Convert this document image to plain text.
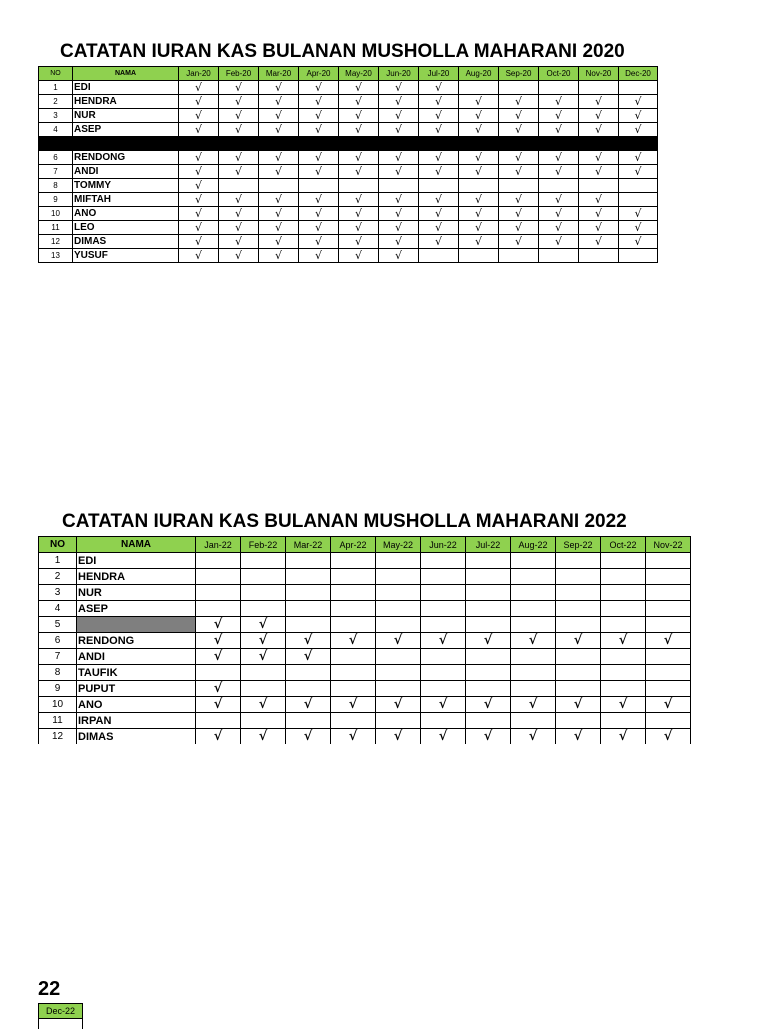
CATATAN IURAN KAS BULANAN MUSHOLLA MAHARANI 2020
NO	NAMA	Jan-20	Feb-20	Mar-20	Apr-20	May-20	Jun-20	Jul-20	Aug-20	Sep-20	Oct-20	Nov-20	Dec-20
1	EDI	√	√	√	√	√	√	√					
2	HENDRA	√	√	√	√	√	√	√	√	√	√	√	√
3	NUR	√	√	√	√	√	√	√	√	√	√	√	√
4	ASEP	√	√	√	√	√	√	√	√	√	√	√	√
5													
6	RENDONG	√	√	√	√	√	√	√	√	√	√	√	√
7	ANDI	√	√	√	√	√	√	√	√	√	√	√	√
8	TOMMY	√											
9	MIFTAH	√	√	√	√	√	√	√	√	√	√	√	
10	ANO	√	√	√	√	√	√	√	√	√	√	√	√
11	LEO	√	√	√	√	√	√	√	√	√	√	√	√
12	DIMAS	√	√	√	√	√	√	√	√	√	√	√	√
13	YUSUF	√	√	√	√	√	√						
CATATAN IURAN KAS BULANAN MUSHOLLA MAHARANI 2022
NO	NAMA	Jan-22	Feb-22	Mar-22	Apr-22	May-22	Jun-22	Jul-22	Aug-22	Sep-22	Oct-22	Nov-22
1	EDI											
2	HENDRA											
3	NUR											
4	ASEP											
5		√	√									
6	RENDONG	√	√	√	√	√	√	√	√	√	√	√
7	ANDI	√	√	√								
8	TAUFIK											
9	PUPUT	√										
10	ANO	√	√	√	√	√	√	√	√	√	√	√
11	IRPAN											
12	DIMAS	√	√	√	√	√	√	√	√	√	√	√
22
Dec-22
